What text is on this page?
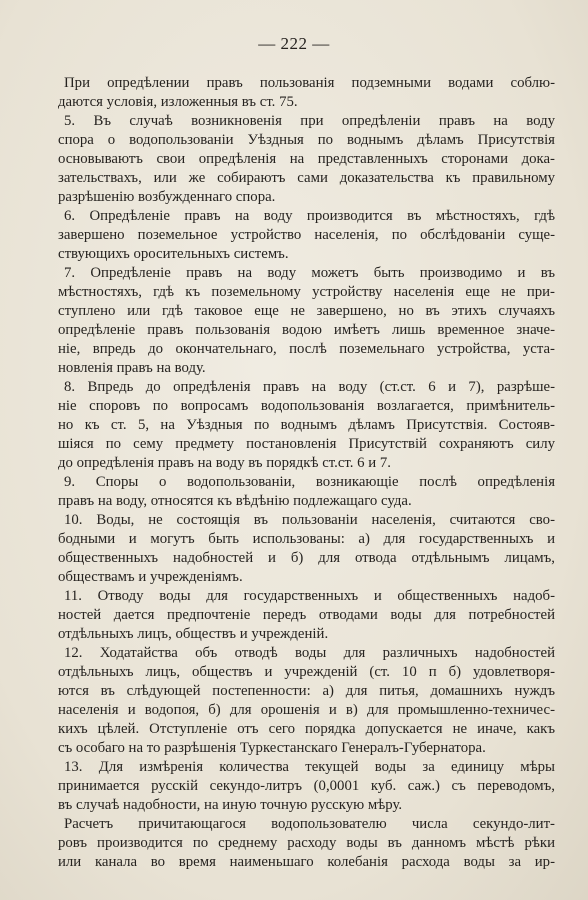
— 222 —
При опредѣлении правъ пользованія подземными водами соблю-
даются условія, изложенныя въ ст. 75.
5. Въ случаѣ возникновенія при опредѣленіи правъ на воду
спора о водопользованіи Уѣздныя по воднымъ дѣламъ Присутствія
основываютъ свои опредѣленія на представленныхъ сторонами дока-
зательствахъ, или же собираютъ сами доказательства къ правильному
разрѣшенію возбужденнаго спора.
6. Опредѣленіе правъ на воду производится въ мѣстностяхъ, гдѣ
завершено поземельное устройство населенія, по обслѣдованіи суще-
ствующихъ оросительныхъ системъ.
7. Опредѣленіе правъ на воду можетъ быть производимо и въ
мѣстностяхъ, гдѣ къ поземельному устройству населенія еще не при-
ступлено или гдѣ таковое еще не завершено, но въ этихъ случаяхъ
опредѣленіе правъ пользованія водою имѣетъ лишь временное значе-
ніе, впредь до окончательнаго, послѣ поземельнаго устройства, уста-
новленія правъ на воду.
8. Впредь до опредѣленія правъ на воду (ст.ст. 6 и 7), разрѣше-
ніе споровъ по вопросамъ водопользованія возлагается, примѣнитель-
но къ ст. 5, на Уѣздныя по воднымъ дѣламъ Присутствія. Состояв-
шіяся по сему предмету постановленія Присутствій сохраняютъ силу
до опредѣленія правъ на воду въ порядкѣ ст.ст. 6 и 7.
9. Споры о водопользованіи, возникающіе послѣ опредѣленія
правъ на воду, относятся къ вѣдѣнію подлежащаго суда.
10. Воды, не состоящія въ пользованіи населенія, считаются сво-
бодными и могутъ быть использованы: а) для государственныхъ и
общественныхъ надобностей и б) для отвода отдѣльнымъ лицамъ,
обществамъ и учрежденіямъ.
11. Отводу воды для государственныхъ и общественныхъ надоб-
ностей дается предпочтеніе передъ отводами воды для потребностей
отдѣльныхъ лицъ, обществъ и учрежденій.
12. Ходатайства объ отводѣ воды для различныхъ надобностей
отдѣльныхъ лицъ, обществъ и учрежденій (ст. 10 п б) удовлетворя-
ются въ слѣдующей постепенности: а) для питья, домашнихъ нуждъ
населенія и водопоя, б) для орошенія и в) для промышленно-техничес-
кихъ цѣлей. Отступленіе отъ сего порядка допускается не иначе, какъ
съ особаго на то разрѣшенія Туркестанскаго Генералъ-Губернатора.
13. Для измѣренія количества текущей воды за единицу мѣры
принимается русскій секундо-литръ (0,0001 куб. саж.) съ переводомъ,
въ случаѣ надобности, на иную точную русскую мѣру.
Расчетъ причитающагося водопользователю числа секундо-лит-
ровъ производится по среднему расходу воды въ данномъ мѣстѣ рѣки
или канала во время наименьшаго колебанія расхода воды за ир-
